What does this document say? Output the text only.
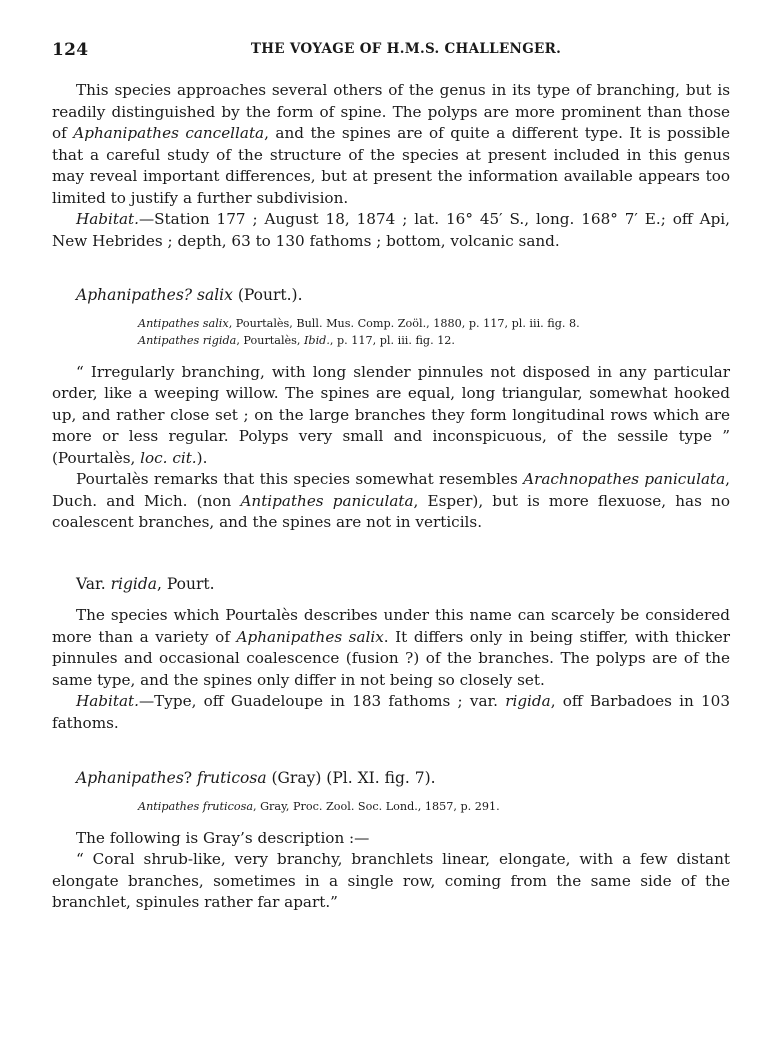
124	THE VOYAGE OF H.M.S. CHALLENGER.

This species approaches several others of the genus in its type of branching, but is readily distinguished by the form of spine. The polyps are more prominent than those of Aphanipathes cancellata, and the spines are of quite a different type. It is possible that a careful study of the structure of the species at present included in this genus may reveal important differences, but at present the information available appears too limited to justify a further subdivision.

Habitat.—Station 177 ; August 18, 1874 ; lat. 16° 45′ S., long. 168° 7′ E.; off Api, New Hebrides ; depth, 63 to 130 fathoms ; bottom, volcanic sand.

Aphanipathes? salix (Pourt.).
Antipathes salix, Pourtalès, Bull. Mus. Comp. Zoöl., 1880, p. 117, pl. iii. fig. 8.
Antipathes rigida, Pourtalès, Ibid., p. 117, pl. iii. fig. 12.

“ Irregularly branching, with long slender pinnules not disposed in any particular order, like a weeping willow. The spines are equal, long triangular, somewhat hooked up, and rather close set ; on the large branches they form longitudinal rows which are more or less regular. Polyps very small and inconspicuous, of the sessile type ” (Pourtalès, loc. cit.).

Pourtalès remarks that this species somewhat resembles Arachnopathes paniculata, Duch. and Mich. (non Antipathes paniculata, Esper), but is more flexuose, has no coalescent branches, and the spines are not in verticils.

Var. rigida, Pourt.

The species which Pourtalès describes under this name can scarcely be considered more than a variety of Aphanipathes salix. It differs only in being stiffer, with thicker pinnules and occasional coalescence (fusion ?) of the branches. The polyps are of the same type, and the spines only differ in not being so closely set.

Habitat.—Type, off Guadeloupe in 183 fathoms ; var. rigida, off Barbadoes in 103 fathoms.

Aphanipathes? fruticosa (Gray) (Pl. XI. fig. 7).
Antipathes fruticosa, Gray, Proc. Zool. Soc. Lond., 1857, p. 291.

The following is Gray’s description :—

“ Coral shrub-like, very branchy, branchlets linear, elongate, with a few distant elongate branches, sometimes in a single row, coming from the same side of the branchlet, spinules rather far apart.”
